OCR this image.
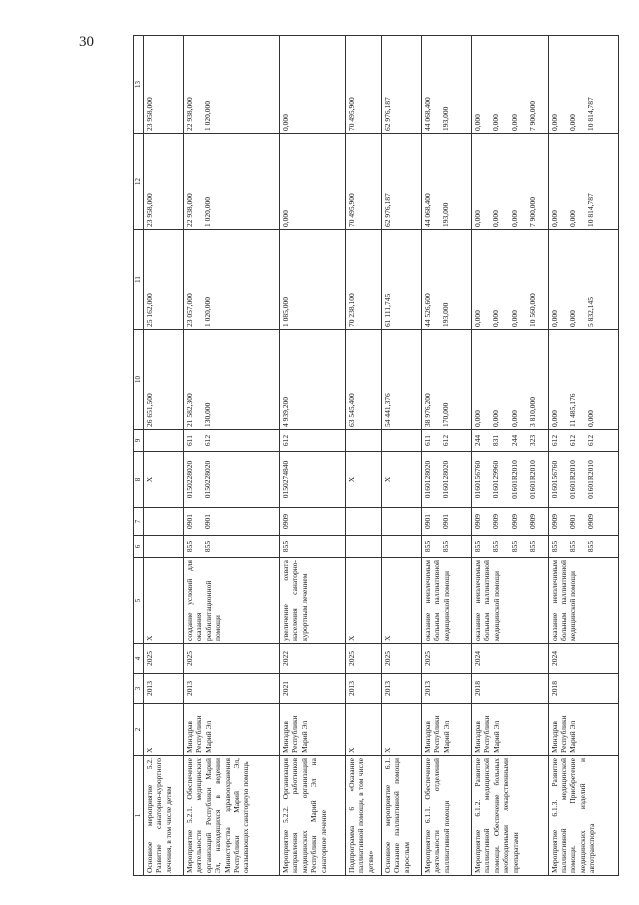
30
1	2	3	4	5	6	7	8	9	10	11	12	13
Основное мероприятие 5.2. Развитие санаторно-курортного лечения, в том числе детям	X	2013	2025	X			X		26 651,500	25 162,000	23 958,000	23 958,000
Мероприятие 5.2.1. Обеспечение деятельности медицинских организаций Республики Марий Эл, находящихся в ведении Министерства здравоохранения Республики Марий Эл, оказывающих санаторную помощь	Минздрав Республики Марий Эл	2013	2025	создание условий для оказания реабилитационной помощи	855 855	0901 0901	0150228020 0150228020	611 612	21 582,300 130,000	23 057,000 1 020,000	22 938,000 1 020,000	22 938,000 1 020,000

Мероприятие 5.2.2. Организация направления работников медицинских организаций Республики Марий Эл на санаторное лечение	Минздрав Республики Марий Эл	2021	2022	увеличение охвата населения санаторно-курортным лечением	855	0909	0150274840	612	4 939,200	1 085,000	0,000	0,000
Подпрограмма 6 «Оказание паллиативной помощи, в том числе детям»	X	2013	2025	X			X		63 545,400	70 238,100	70 495,900	70 495,900
Основное мероприятие 6.1. Оказание паллиативной помощи взрослым	X	2013	2025	X			X		54 441,376	61 111,745	62 976,187	62 976,187
Мероприятие 6.1.1. Обеспечение деятельности отделений паллиативной помощи	Минздрав Республики Марий Эл	2013	2025	оказание неизлечимым больным паллиативной медицинской помощи	855 855	0901 0901	0160128020 0160128020	611 612	38 976,200 170,000	44 526,600 193,000	44 068,400 193,000	44 068,400 193,000

Мероприятие 6.1.2. Развитие паллиативной медицинской помощи. Обеспечение больных необходимыми лекарственными препаратами	Минздрав Республики Марий Эл	2018	2024	оказание неизлечимым больным паллиативной медицинской помощи	855 855 855 855	0909 0909 0909 0909	0160156760 0160129960 01601R2010 01601R2010	244 831 244 323	0,000 0,000 0,000 3 810,000	0,000 0,000 0,000 10 560,000	0,000 0,000 0,000 7 900,000	0,000 0,000 0,000 7 900,000

Мероприятие 6.1.3. Развитие паллиативной медицинской помощи. Приобретение медицинских изделий и автотранспорта	Минздрав Республики Марий Эл	2018	2024	оказание неизлечимым больным паллиативной медицинской помощи	855 855 855	0909 0901 0909	0160156760 01601R2010 01601R2010	612 612 612	0,000 11 485,176 0,000	0,000 0,000 5 832,145	0,000 0,000 10 814,787	0,000 0,000 10 814,787
